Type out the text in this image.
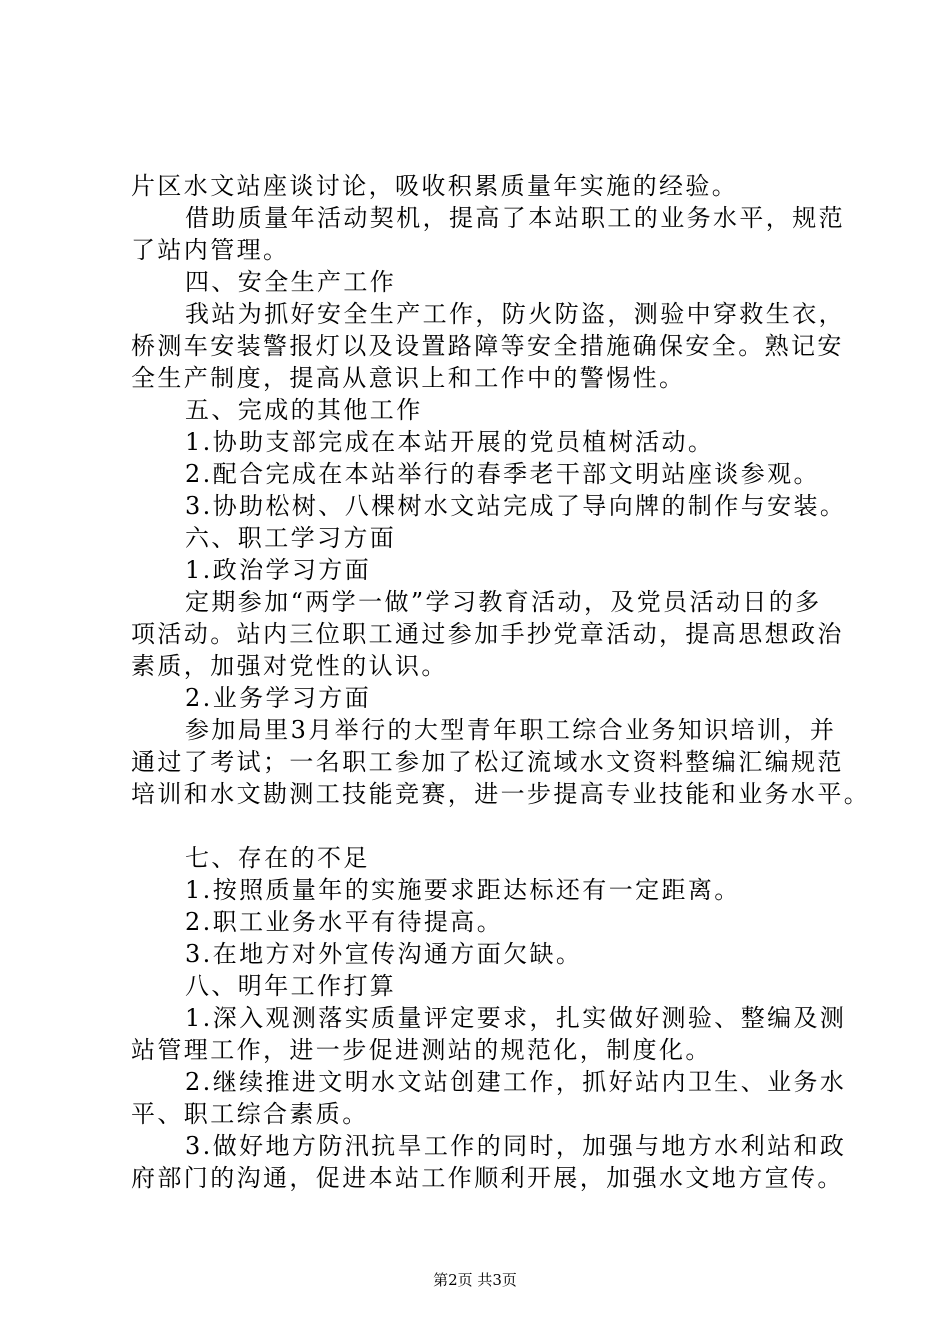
片区水文站座谈讨论，吸收积累质量年实施的经验。
借助质量年活动契机，提高了本站职工的业务水平，规范
了站内管理。
四、安全生产工作
我站为抓好安全生产工作，防火防盗，测验中穿救生衣，
桥测车安装警报灯以及设置路障等安全措施确保安全。熟记安
全生产制度，提高从意识上和工作中的警惕性。
五、完成的其他工作
1.协助支部完成在本站开展的党员植树活动。
2.配合完成在本站举行的春季老干部文明站座谈参观。
3.协助松树、八棵树水文站完成了导向牌的制作与安装。
六、职工学习方面
1.政治学习方面
定期参加“两学一做”学习教育活动，及党员活动日的多
项活动。站内三位职工通过参加手抄党章活动，提高思想政治
素质，加强对党性的认识。
2.业务学习方面
参加局里3月举行的大型青年职工综合业务知识培训，并
通过了考试；一名职工参加了松辽流域水文资料整编汇编规范
培训和水文勘测工技能竞赛，进一步提高专业技能和业务水平。
七、存在的不足
1.按照质量年的实施要求距达标还有一定距离。
2.职工业务水平有待提高。
3.在地方对外宣传沟通方面欠缺。
八、明年工作打算
1.深入观测落实质量评定要求，扎实做好测验、整编及测
站管理工作，进一步促进测站的规范化，制度化。
2.继续推进文明水文站创建工作，抓好站内卫生、业务水
平、职工综合素质。
3.做好地方防汛抗旱工作的同时，加强与地方水利站和政
府部门的沟通，促进本站工作顺利开展，加强水文地方宣传。
第2页 共3页
